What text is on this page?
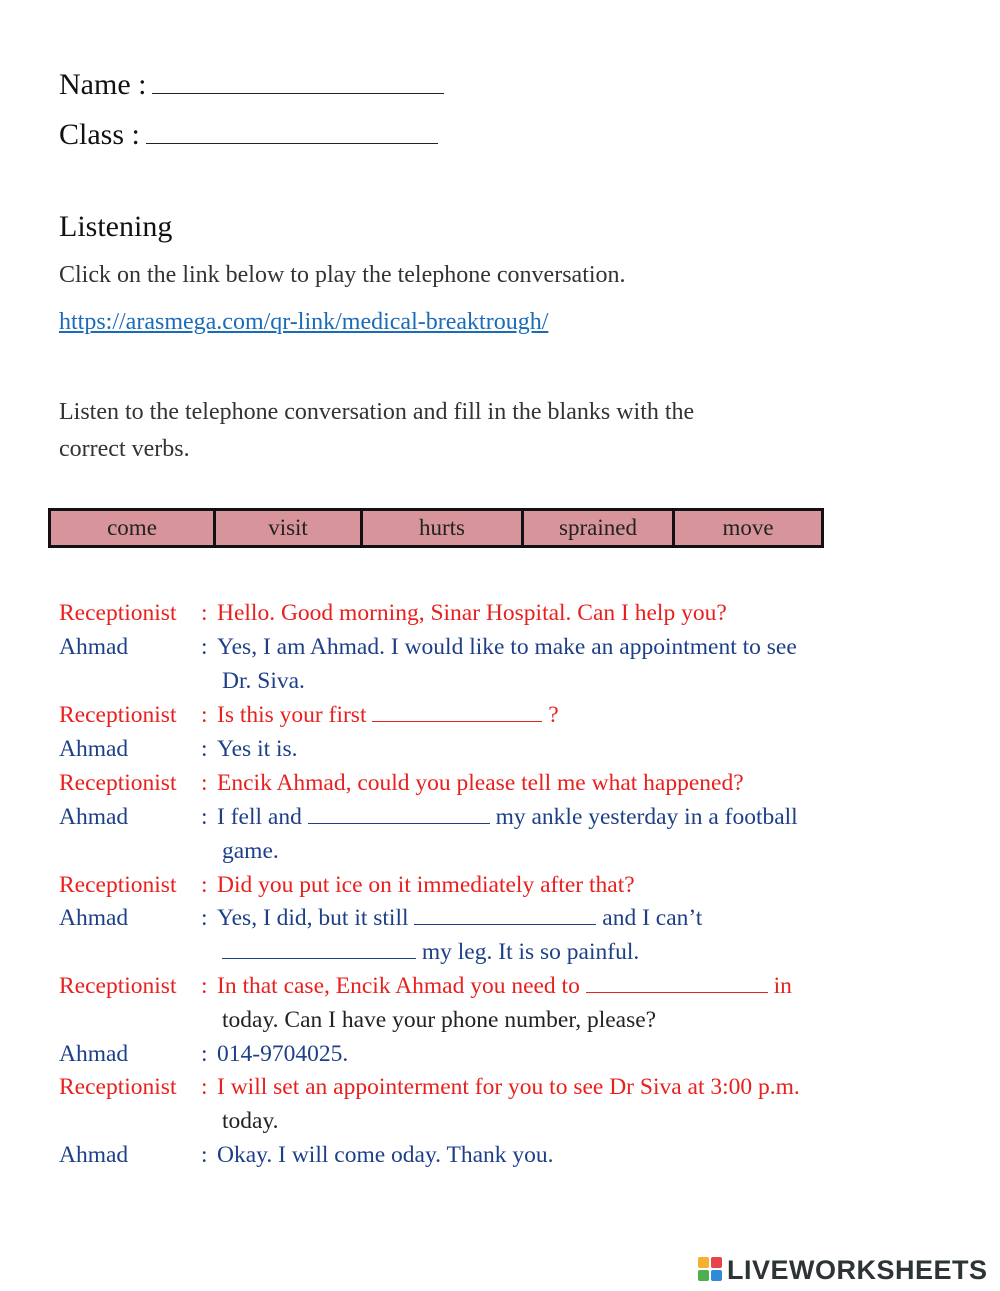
Name :
Class :
Listening
Click on the link below to play the telephone conversation.
https://arasmega.com/qr-link/medical-breaktrough/
Listen to the telephone conversation and fill in the blanks with the
correct verbs.
come	visit	hurts	sprained	move
Receptionist : Hello. Good morning, Sinar Hospital. Can I help you?
Ahmad	: Yes, I am Ahmad. I would like to make an appointment to see
Dr. Siva.
Receptionist : Is this your first	?
Ahmad	: Yes it is.
Receptionist : Encik Ahmad, could you please tell me what happened?
Ahmad	: I fell and	my ankle yesterday in a football
game.
Receptionist : Did you put ice on it immediately after that?
Ahmad	: Yes, I did, but it still	and I can’t
my leg. It is so painful.
Receptionist : In that case, Encik Ahmad you need to	in
today. Can I have your phone number, please?
Ahmad	: 014-9704025.
Receptionist : I will set an appointerment for you to see Dr Siva at 3:00 p.m.
today.
Ahmad	: Okay. I will come oday. Thank you.
LIVEWORKSHEETS
